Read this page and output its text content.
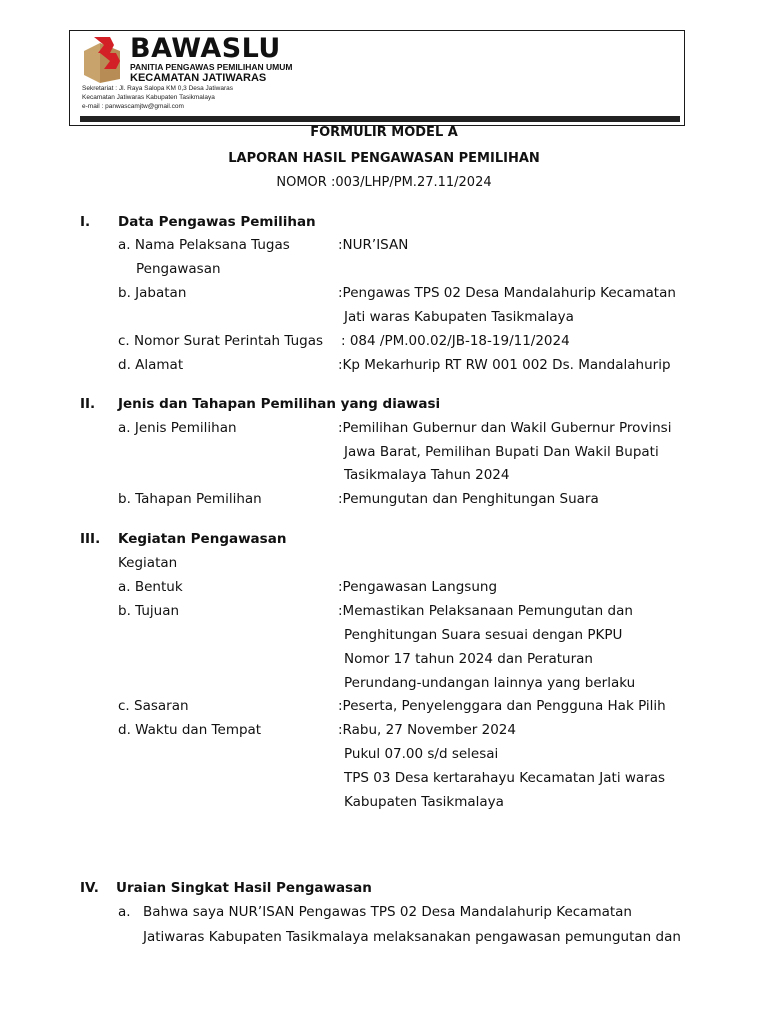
BAWASLU
PANITIA PENGAWAS PEMILIHAN UMUM
KECAMATAN JATIWARAS
Sekretariat : Jl. Raya Salopa KM 0,3 Desa Jatiwaras
Kecamatan Jatiwaras Kabupaten Tasikmalaya
e-mail : panwascamjtw@gmail.com
FORMULIR MODEL A
LAPORAN HASIL PENGAWASAN PEMILIHAN
NOMOR :003/LHP/PM.27.11/2024
I. Data Pengawas Pemilihan
a. Nama Pelaksana Tugas	:NUR’ISAN
Pengawasan
b. Jabatan	:Pengawas TPS 02 Desa Mandalahurip Kecamatan
Jati waras Kabupaten Tasikmalaya
c. Nomor Surat Perintah Tugas : 084 /PM.00.02/JB-18-19/11/2024
d. Alamat	:Kp Mekarhurip RT RW 001 002 Ds. Mandalahurip
II. Jenis dan Tahapan Pemilihan yang diawasi
a. Jenis Pemilihan	:Pemilihan Gubernur dan Wakil Gubernur Provinsi
Jawa Barat, Pemilihan Bupati Dan Wakil Bupati
Tasikmalaya Tahun 2024
b. Tahapan Pemilihan	:Pemungutan dan Penghitungan Suara
III. Kegiatan Pengawasan
Kegiatan
a. Bentuk	:Pengawasan Langsung
b. Tujuan	:Memastikan Pelaksanaan Pemungutan dan
Penghitungan Suara sesuai dengan PKPU
Nomor 17 tahun 2024 dan Peraturan
Perundang-undangan lainnya yang berlaku
c. Sasaran	:Peserta, Penyelenggara dan Pengguna Hak Pilih
d. Waktu dan Tempat	:Rabu, 27 November 2024
Pukul 07.00 s/d selesai
TPS 03 Desa kertarahayu Kecamatan Jati waras
Kabupaten Tasikmalaya
IV. Uraian Singkat Hasil Pengawasan
a. Bahwa saya NUR’ISAN Pengawas TPS 02 Desa Mandalahurip Kecamatan
Jatiwaras Kabupaten Tasikmalaya melaksanakan pengawasan pemungutan dan
